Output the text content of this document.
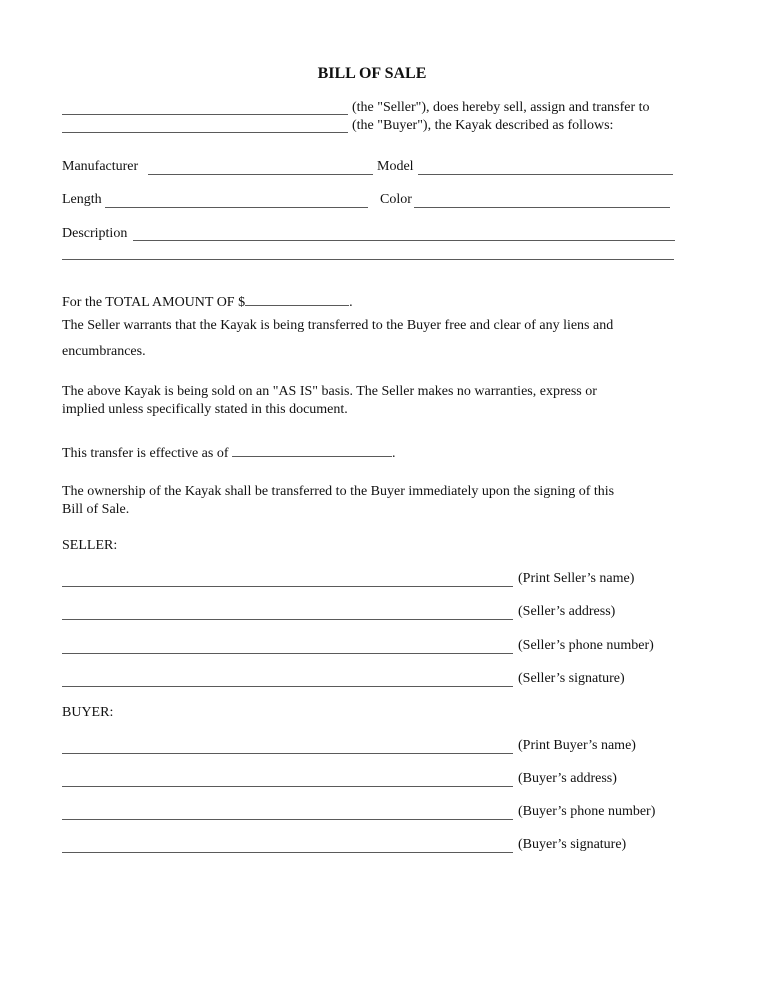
BILL OF SALE
(the "Seller"), does hereby sell, assign and transfer to
(the "Buyer"), the Kayak described as follows:
Manufacturer	Model
Length	Color
Description
For the TOTAL AMOUNT OF $	.
The Seller warrants that the Kayak is being transferred to the Buyer free and clear of any liens and
encumbrances.
The above Kayak is being sold on an "AS IS" basis. The Seller makes no warranties, express or
implied unless specifically stated in this document.
This transfer is effective as of	.
The ownership of the Kayak shall be transferred to the Buyer immediately upon the signing of this
Bill of Sale.
SELLER:
(Print Seller’s name)
(Seller’s address)
(Seller’s phone number)
(Seller’s signature)
BUYER:
(Print Buyer’s name)
(Buyer’s address)
(Buyer’s phone number)
(Buyer’s signature)
